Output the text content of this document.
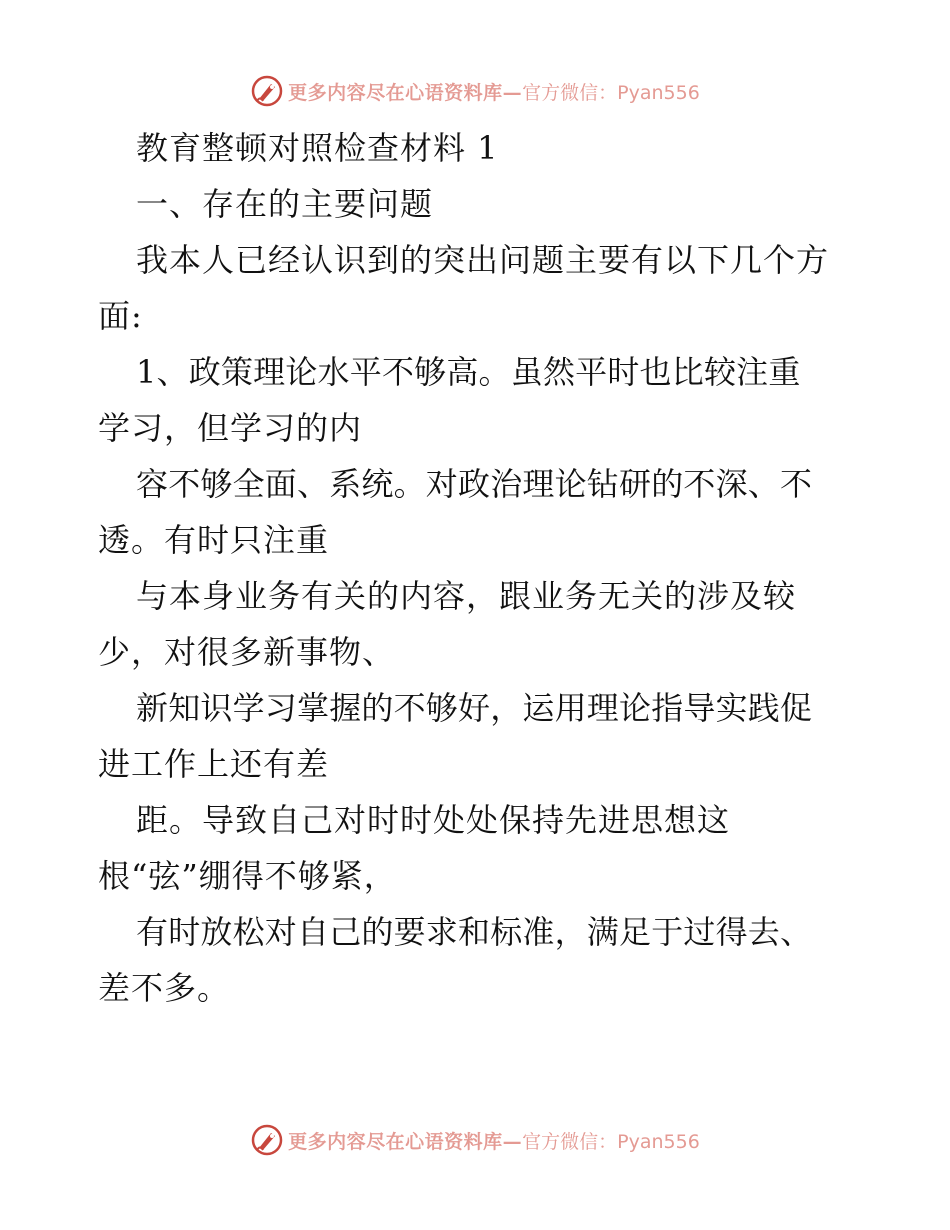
更多内容尽在心语资料库— 官方微信：Pyan556
教育整顿对照检查材料 1
一、存在的主要问题
我本人已经认识到的突出问题主要有以下几个方
面:
1、政策理论水平不够高。虽然平时也比较注重
学习，但学习的内
容不够全面、系统。对政治理论钻研的不深、不
透。有时只注重
与本身业务有关的内容，跟业务无关的涉及较
少，对很多新事物、
新知识学习掌握的不够好，运用理论指导实践促
进工作上还有差
距。导致自己对时时处处保持先进思想这
根“弦”绷得不够紧，
有时放松对自己的要求和标准，满足于过得去、
差不多。
更多内容尽在心语资料库— 官方微信：Pyan556
